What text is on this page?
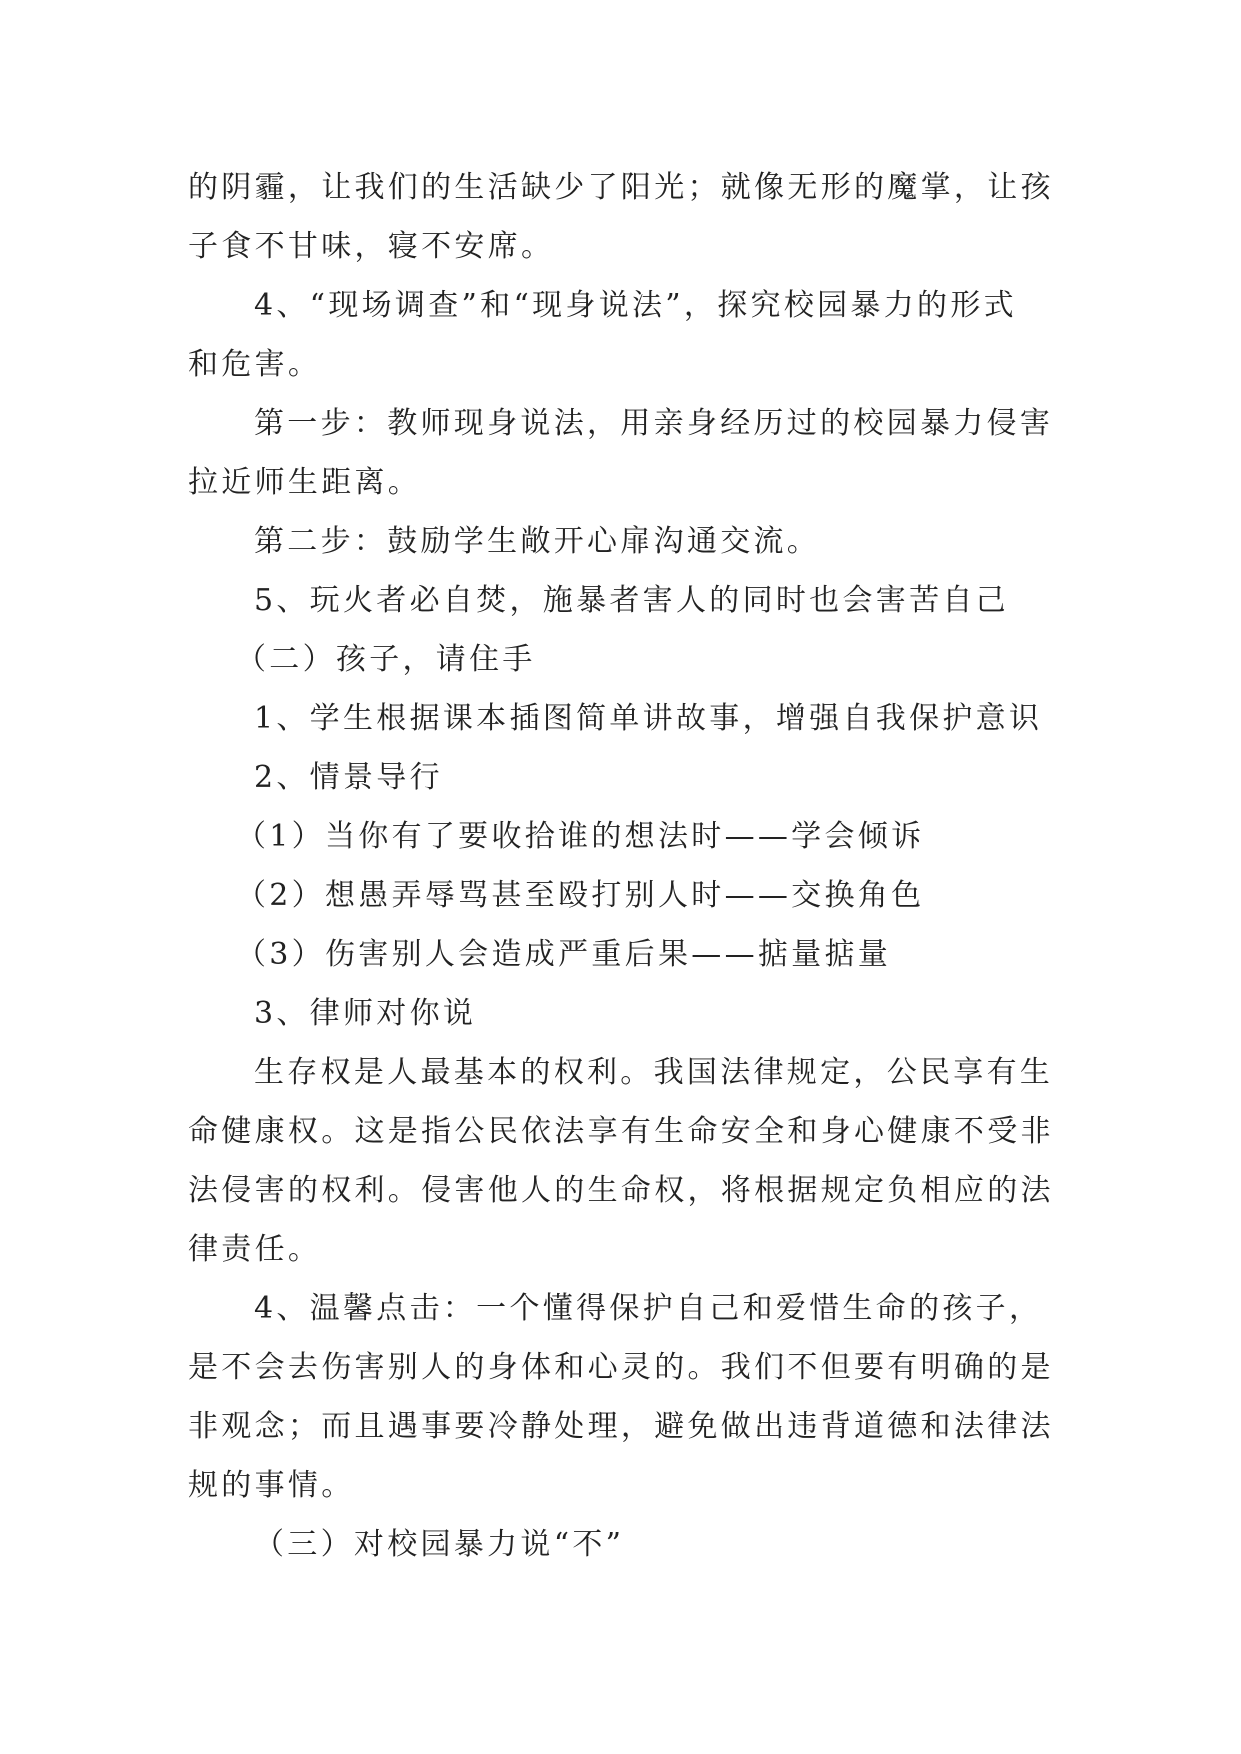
的阴霾，让我们的生活缺少了阳光；就像无形的魔掌，让孩
子食不甘味，寝不安席。
4、“现场调查”和“现身说法”，探究校园暴力的形式
和危害。
第一步：教师现身说法，用亲身经历过的校园暴力侵害
拉近师生距离。
第二步：鼓励学生敞开心扉沟通交流。
5、玩火者必自焚，施暴者害人的同时也会害苦自己
（二）孩子，请住手
1、学生根据课本插图简单讲故事，增强自我保护意识
2、情景导行
（1）当你有了要收拾谁的想法时——学会倾诉
（2）想愚弄辱骂甚至殴打别人时——交换角色
（3）伤害别人会造成严重后果——掂量掂量
3、律师对你说
生存权是人最基本的权利。我国法律规定，公民享有生
命健康权。这是指公民依法享有生命安全和身心健康不受非
法侵害的权利。侵害他人的生命权，将根据规定负相应的法
律责任。
4、温馨点击：一个懂得保护自己和爱惜生命的孩子，
是不会去伤害别人的身体和心灵的。我们不但要有明确的是
非观念；而且遇事要冷静处理，避免做出违背道德和法律法
规的事情。
（三）对校园暴力说“不”
